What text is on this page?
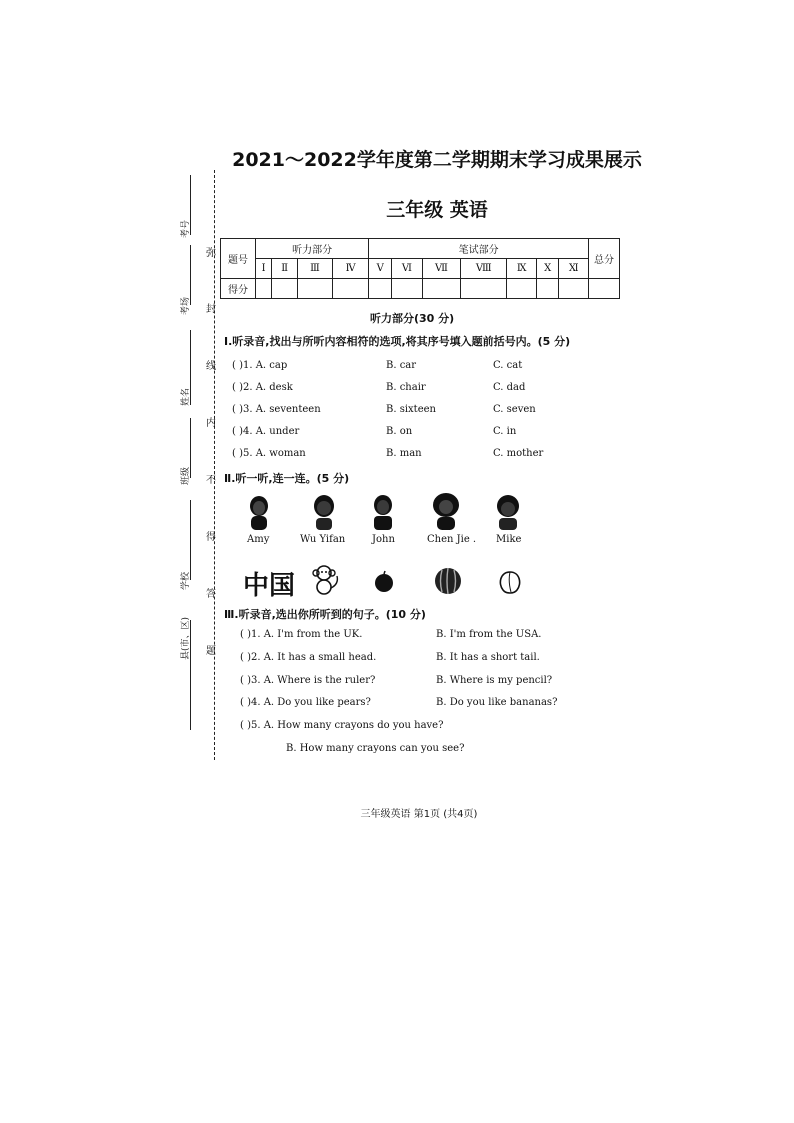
2021～2022学年度第二学期期末学习成果展示
三年级 英语
考号
考场
姓名
班级
学校
县(市、区)
弥
封
线
内
不
得
答
题
题号	听力部分				笔试部分							总分
	Ⅰ	Ⅱ	Ⅲ	Ⅳ	Ⅴ	Ⅵ	Ⅶ	Ⅷ	Ⅸ	Ⅹ	Ⅺ	
得分												
听力部分(30 分)
Ⅰ.听录音,找出与所听内容相符的选项,将其序号填入题前括号内。(5 分)
( )1. A. cap	B. car	C. cat
( )2. A. desk	B. chair	C. dad
( )3. A. seventeen	B. sixteen	C. seven
( )4. A. under	B. on	C. in
( )5. A. woman	B. man	C. mother
Ⅱ.听一听,连一连。(5 分)
Amy	Wu Yifan	John	Chen Jie . Mike
中国
Ⅲ.听录音,选出你所听到的句子。(10 分)
( )1. A. I'm from the UK.	B. I'm from the USA.
( )2. A. It has a small head.	B. It has a short tail.
( )3. A. Where is the ruler?	B. Where is my pencil?
( )4. A. Do you like pears?	B. Do you like bananas?
( )5. A. How many crayons do you have?
B. How many crayons can you see?
三年级英语 第1页 (共4页)
